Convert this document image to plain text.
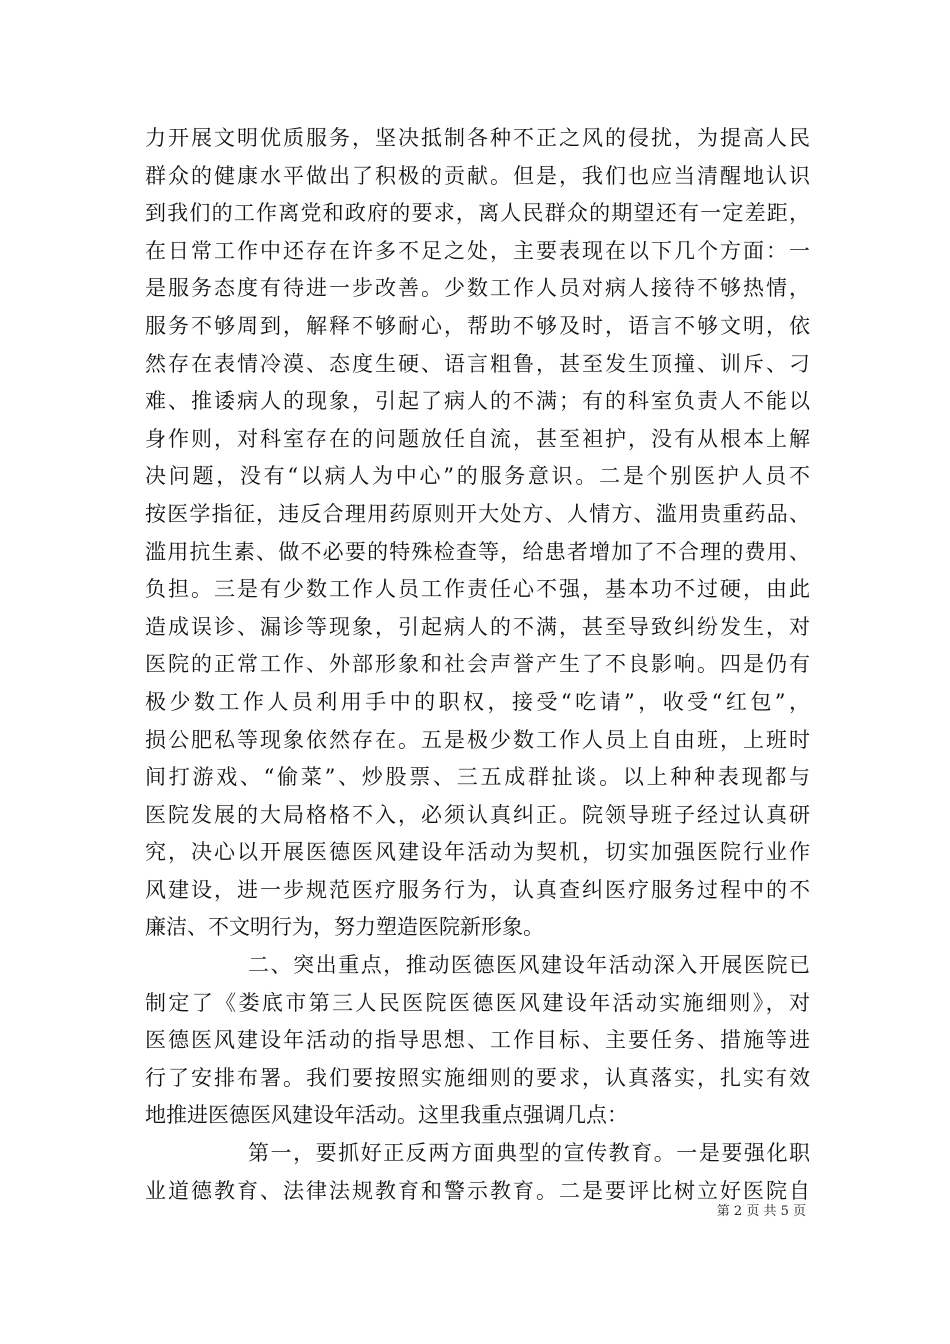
力开展文明优质服务，坚决抵制各种不正之风的侵扰，为提高人民
群众的健康水平做出了积极的贡献。但是，我们也应当清醒地认识
到我们的工作离党和政府的要求，离人民群众的期望还有一定差距，
在日常工作中还存在许多不足之处，主要表现在以下几个方面：一
是服务态度有待进一步改善。少数工作人员对病人接待不够热情，
服务不够周到，解释不够耐心，帮助不够及时，语言不够文明，依
然存在表情冷漠、态度生硬、语言粗鲁，甚至发生顶撞、训斥、刁
难、推诿病人的现象，引起了病人的不满；有的科室负责人不能以
身作则，对科室存在的问题放任自流，甚至袒护，没有从根本上解
决问题，没有“以病人为中心”的服务意识。二是个别医护人员不
按医学指征，违反合理用药原则开大处方、人情方、滥用贵重药品、
滥用抗生素、做不必要的特殊检查等，给患者增加了不合理的费用、
负担。三是有少数工作人员工作责任心不强，基本功不过硬，由此
造成误诊、漏诊等现象，引起病人的不满，甚至导致纠纷发生，对
医院的正常工作、外部形象和社会声誉产生了不良影响。四是仍有
极少数工作人员利用手中的职权，接受“吃请”，收受“红包”，
损公肥私等现象依然存在。五是极少数工作人员上自由班，上班时
间打游戏、“偷菜”、炒股票、三五成群扯谈。以上种种表现都与
医院发展的大局格格不入，必须认真纠正。院领导班子经过认真研
究，决心以开展医德医风建设年活动为契机，切实加强医院行业作
风建设，进一步规范医疗服务行为，认真查纠医疗服务过程中的不
廉洁、不文明行为，努力塑造医院新形象。
二、突出重点，推动医德医风建设年活动深入开展医院已
制定了《娄底市第三人民医院医德医风建设年活动实施细则》，对
医德医风建设年活动的指导思想、工作目标、主要任务、措施等进
行了安排布署。我们要按照实施细则的要求，认真落实，扎实有效
地推进医德医风建设年活动。这里我重点强调几点：
第一，要抓好正反两方面典型的宣传教育。一是要强化职
业道德教育、法律法规教育和警示教育。二是要评比树立好医院自
第 2 页 共 5 页
